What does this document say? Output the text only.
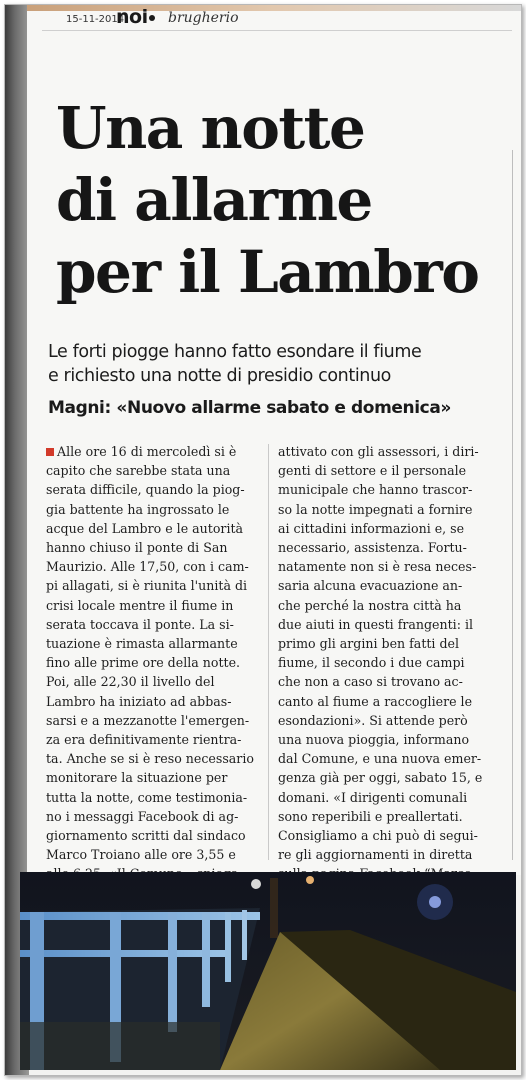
15-11-2014
noi	brugherio
Una notte
di allarme
per il Lambro
Le forti piogge hanno fatto esondare il fiume
e richiesto una notte di presidio continuo
Magni: «Nuovo allarme sabato e domenica»
Alle ore 16 di mercoledì si è
capito che sarebbe stata una
serata difficile, quando la piog-
gia battente ha ingrossato le
acque del Lambro e le autorità
hanno chiuso il ponte di San
Maurizio. Alle 17,50, con i cam-
pi allagati, si è riunita l'unità di
crisi locale mentre il fiume in
serata toccava il ponte. La si-
tuazione è rimasta allarmante
fino alle prime ore della notte.
Poi, alle 22,30 il livello del
Lambro ha iniziato ad abbas-
sarsi e a mezzanotte l'emergen-
za era definitivamente rientra-
ta. Anche se si è reso necessario
monitorare la situazione per
tutta la notte, come testimonia-
no i messaggi Facebook di ag-
giornamento scritti dal sindaco
Marco Troiano alle ore 3,55 e
attivato con gli assessori, i diri-
genti di settore e il personale
municipale che hanno trascor-
so la notte impegnati a fornire
ai cittadini informazioni e, se
necessario, assistenza. Fortu-
natamente non si è resa neces-
saria alcuna evacuazione an-
che perché la nostra città ha
due aiuti in questi frangenti: il
primo gli argini ben fatti del
fiume, il secondo i due campi
che non a caso si trovano ac-
canto al fiume a raccogliere le
esondazioni». Si attende però
una nuova pioggia, informano
dal Comune, e una nuova emer-
genza già per oggi, sabato 15, e
domani. «I dirigenti comunali
sono reperibili e preallertati.
Consigliamo a chi può di segui-
re gli aggiornamenti in diretta
